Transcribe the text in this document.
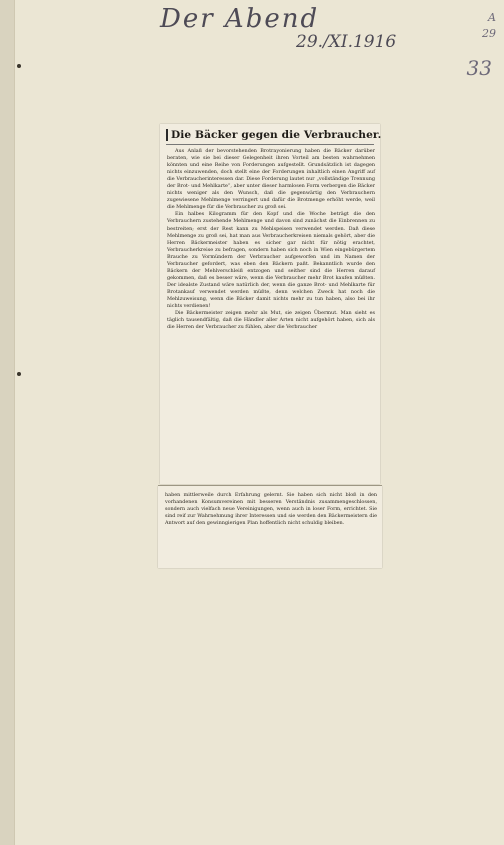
Der Abend
29./XI.1916
A
29
33
Die Bäcker gegen die Verbraucher.

Aus Anlaß der bevorstehenden Brotrayonierung haben die Bäcker darüber beraten, wie sie bei dieser Gelegenheit ihren Vorteil am besten wahrnehmen könnten und eine Reihe von Forderungen aufgestellt. Grundsätzlich ist dagegen nichts einzuwenden, doch stellt eine der Forderungen inhaltlich einen Angriff auf die Verbraucherinteressen dar. Diese Forderung lautet nur „vollständige Trennung der Brot- und Mehlkarte“, aber unter dieser harmlosen Form verbergen die Bäcker nichts weniger als den Wunsch, daß die gegenwärtig den Verbrauchern zugewiesene Mehlmenge verringert und dafür die Brotmenge erhöht werde, weil die Mehlmenge für die Verbraucher zu groß sei.

Ein halbes Kilogramm für den Kopf und die Woche beträgt die den Verbrauchern zustehende Mehlmenge und davon sind zunächst die Einbrennen zu bestreiten; erst der Rest kann zu Mehlspeisen verwendet werden. Daß diese Mehlmenge zu groß sei, hat man aus Verbraucherkreisen niemals gehört, aber die Herren Bäckermeister haben es sicher gar nicht für nötig erachtet, Verbraucherkreise zu befragen, sondern haben sich noch in Wien eingebürgertem Brauche zu Vormündern der Verbraucher aufgeworfen und im Namen der Verbraucher gefordert, was eben den Bäckern paßt. Bekanntlich wurde den Bäckern der Mehlverschleiß entzogen und seither sind die Herren darauf gekommen, daß es besser wäre, wenn die Verbraucher mehr Brot kaufen müßten. Der idealste Zustand wäre natürlich der, wenn die ganze Brot- und Mehlkarte für Brotankauf verwendet werden müßte, denn welchen Zweck hat noch die Mehlzuweisung, wenn die Bäcker damit nichts mehr zu tun haben, also bei ihr nichts verdienen!

Die Bäckermeister zeigen mehr als Mut, sie zeigen Übermut. Man sieht es täglich tausendfältig, daß die Händler aller Arten nicht aufgehört haben, sich als die Herren der Verbraucher zu fühlen, aber die Verbraucher

haben mittlerweile durch Erfahrung gelernt. Sie haben sich nicht bloß in den vorhandenen Konsumvereinen mit besseren Verständnis zusammengeschlossen, sondern auch vielfach neue Vereinigungen, wenn auch in loser Form, errichtet. Sie sind reif zur Wahrnehmung ihrer Interessen und sie werden den Bäckermeistern die Antwort auf den gewinngierigen Plan hoffentlich nicht schuldig bleiben.
